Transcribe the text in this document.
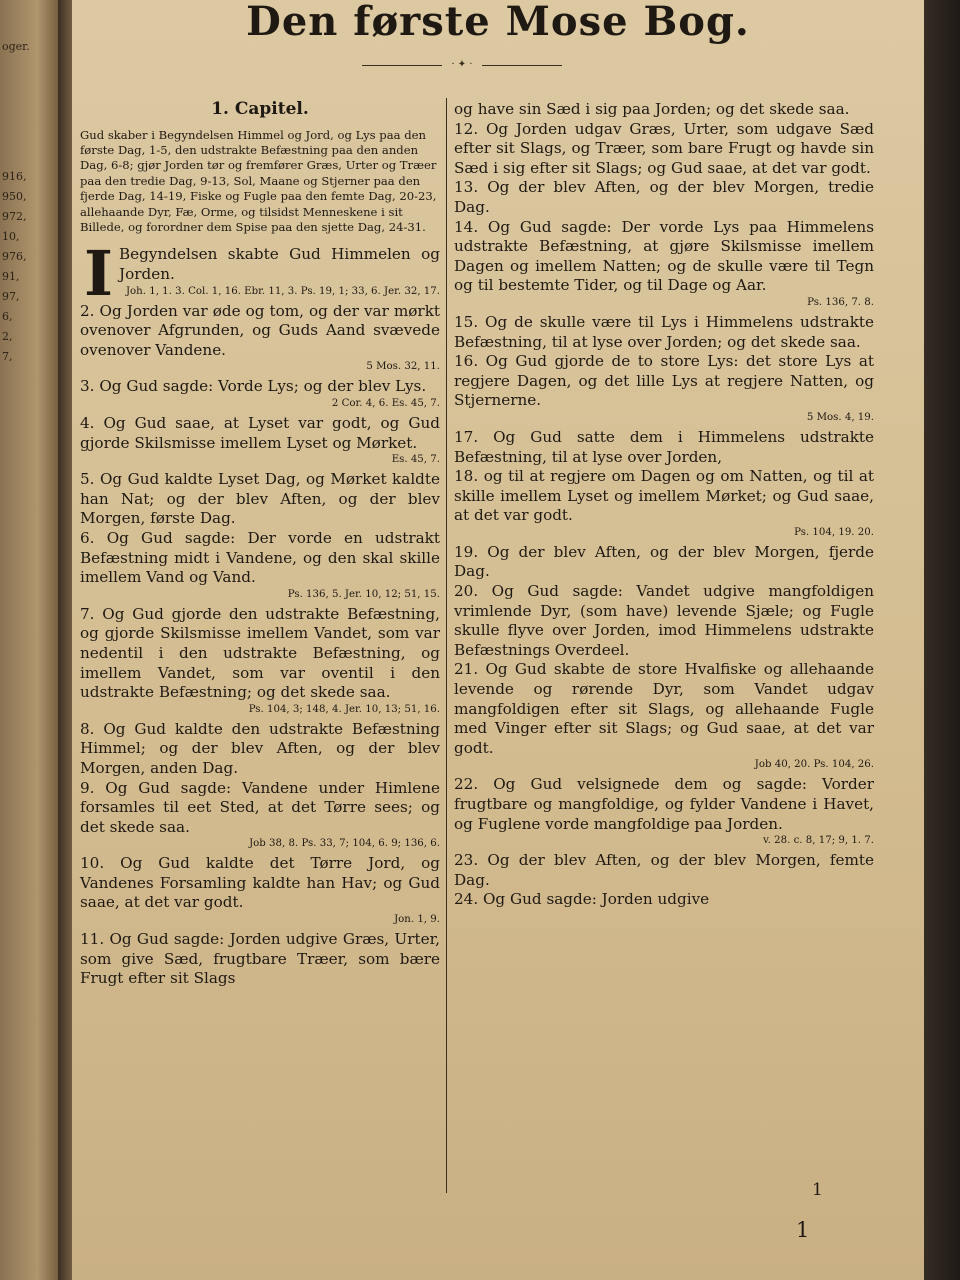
oger.
916,
950,
972,
10,
976,
91,
97,
6,
2,
7,
Den første Mose Bog.
· ✦ ·
1. Capitel.
Gud skaber i Begyndelsen Himmel og Jord, og Lys paa den første Dag, 1-5, den udstrakte Befæstning paa den anden Dag, 6-8; gjør Jorden tør og fremfører Græs, Urter og Træer paa den tredie Dag, 9-13, Sol, Maane og Stjerner paa den fjerde Dag, 14-19, Fiske og Fugle paa den femte Dag, 20-23, allehaande Dyr, Fæ, Orme, og tilsidst Menneskene i sit Billede, og forordner dem Spise paa den sjette Dag, 24-31.

IBegyndelsen skabte Gud Himmelen og Jorden.

Joh. 1, 1. 3. Col. 1, 16. Ebr. 11, 3. Ps. 19, 1; 33, 6. Jer. 32, 17.

2. Og Jorden var øde og tom, og der var mørkt ovenover Afgrunden, og Guds Aand svævede ovenover Vandene.

5 Mos. 32, 11.

3. Og Gud sagde: Vorde Lys; og der blev Lys.

2 Cor. 4, 6. Es. 45, 7.

4. Og Gud saae, at Lyset var godt, og Gud gjorde Skilsmisse imellem Lyset og Mørket.

Es. 45, 7.

5. Og Gud kaldte Lyset Dag, og Mørket kaldte han Nat; og der blev Aften, og der blev Morgen, første Dag.

6. Og Gud sagde: Der vorde en udstrakt Befæstning midt i Vandene, og den skal skille imellem Vand og Vand.

Ps. 136, 5. Jer. 10, 12; 51, 15.

7. Og Gud gjorde den udstrakte Befæstning, og gjorde Skilsmisse imellem Vandet, som var nedentil i den udstrakte Befæstning, og imellem Vandet, som var oventil i den udstrakte Befæstning; og det skede saa.

Ps. 104, 3; 148, 4. Jer. 10, 13; 51, 16.

8. Og Gud kaldte den udstrakte Befæstning Himmel; og der blev Aften, og der blev Morgen, anden Dag.

9. Og Gud sagde: Vandene under Himlene forsamles til eet Sted, at det Tørre sees; og det skede saa.

Job 38, 8. Ps. 33, 7; 104, 6. 9; 136, 6.

10. Og Gud kaldte det Tørre Jord, og Vandenes Forsamling kaldte han Hav; og Gud saae, at det var godt.

Jon. 1, 9.

11. Og Gud sagde: Jorden udgive Græs, Urter, som give Sæd, frugtbare Træer, som bære Frugt efter sit Slags

og have sin Sæd i sig paa Jorden; og det skede saa.

12. Og Jorden udgav Græs, Urter, som udgave Sæd efter sit Slags, og Træer, som bare Frugt og havde sin Sæd i sig efter sit Slags; og Gud saae, at det var godt.

13. Og der blev Aften, og der blev Morgen, tredie Dag.

14. Og Gud sagde: Der vorde Lys paa Himmelens udstrakte Befæstning, at gjøre Skilsmisse imellem Dagen og imellem Natten; og de skulle være til Tegn og til bestemte Tider, og til Dage og Aar.

Ps. 136, 7. 8.

15. Og de skulle være til Lys i Himmelens udstrakte Befæstning, til at lyse over Jorden; og det skede saa.

16. Og Gud gjorde de to store Lys: det store Lys at regjere Dagen, og det lille Lys at regjere Natten, og Stjernerne.

5 Mos. 4, 19.

17. Og Gud satte dem i Himmelens udstrakte Befæstning, til at lyse over Jorden,

18. og til at regjere om Dagen og om Natten, og til at skille imellem Lyset og imellem Mørket; og Gud saae, at det var godt.

Ps. 104, 19. 20.

19. Og der blev Aften, og der blev Morgen, fjerde Dag.

20. Og Gud sagde: Vandet udgive mangfoldigen vrimlende Dyr, (som have) levende Sjæle; og Fugle skulle flyve over Jorden, imod Himmelens udstrakte Befæstnings Overdeel.

21. Og Gud skabte de store Hvalfiske og allehaande levende og rørende Dyr, som Vandet udgav mangfoldigen efter sit Slags, og allehaande Fugle med Vinger efter sit Slags; og Gud saae, at det var godt.

Job 40, 20. Ps. 104, 26.

22. Og Gud velsignede dem og sagde: Vorder frugtbare og mangfoldige, og fylder Vandene i Havet, og Fuglene vorde mangfoldige paa Jorden.

v. 28. c. 8, 17; 9, 1. 7.

23. Og der blev Aften, og der blev Morgen, femte Dag.

24. Og Gud sagde: Jorden udgive

1
1
